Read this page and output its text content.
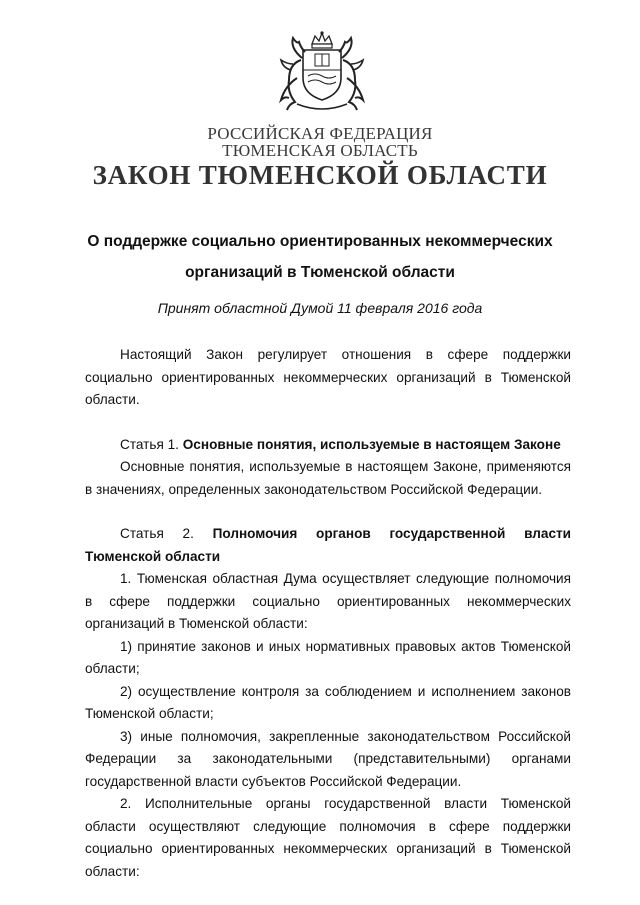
РОССИЙСКАЯ ФЕДЕРАЦИЯ
ТЮМЕНСКАЯ ОБЛАСТЬ
ЗАКОН ТЮМЕНСКОЙ ОБЛАСТИ
О поддержке социально ориентированных некоммерческих
организаций в Тюменской области
Принят областной Думой 11 февраля 2016 года

Настоящий Закон регулирует отношения в сфере поддержки социально ориентированных некоммерческих организаций в Тюменской области.

Статья 1. Основные понятия, используемые в настоящем Законе

Основные понятия, используемые в настоящем Законе, применяются в значениях, определенных законодательством Российской Федерации.

Статья 2. Полномочия органов государственной власти Тюменской области

1. Тюменская областная Дума осуществляет следующие полномочия в сфере поддержки социально ориентированных некоммерческих организаций в Тюменской области:

1) принятие законов и иных нормативных правовых актов Тюменской области;

2) осуществление контроля за соблюдением и исполнением законов Тюменской области;

3) иные полномочия, закрепленные законодательством Российской Федерации за законодательными (представительными) органами государственной власти субъектов Российской Федерации.

2. Исполнительные органы государственной власти Тюменской области осуществляют следующие полномочия в сфере поддержки социально ориентированных некоммерческих организаций в Тюменской области:
